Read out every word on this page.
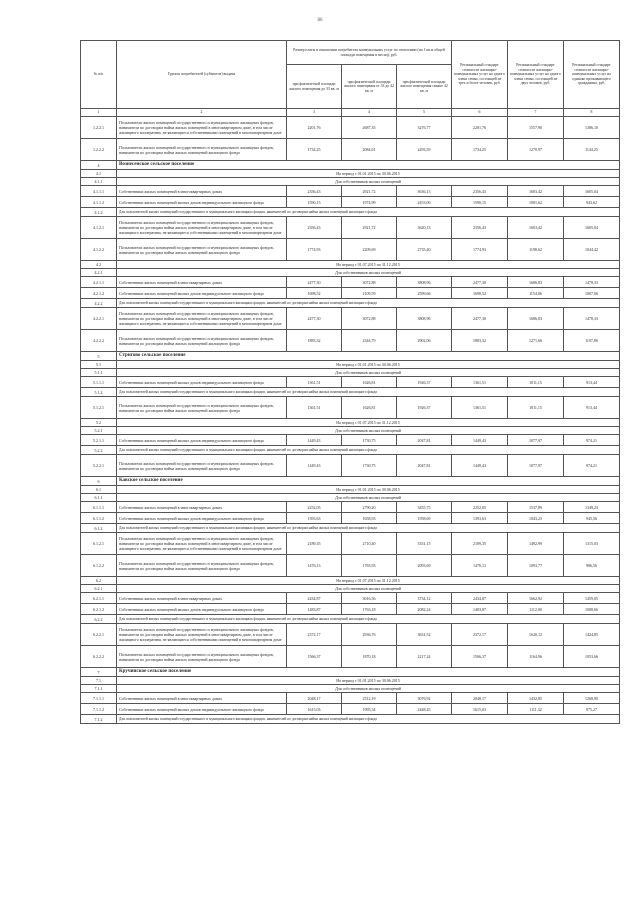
86
№ п/п	Группы потребителей (субъектов) выдачи	Размер платы в отношении потребителя коммунальных услуг по отоплению (на 1 кв.м общей площади помещения в месяц), руб.			Региональный стандарт стоимости жилищно-коммунальных услуг на одного члена семьи, состоящей из трех и более человек, руб.	Региональный стандарт стоимости жилищно-коммунальных услуг на одного члена семьи, состоящей из двух человек, руб.	Региональный стандарт стоимости жилищно-коммунальных услуг на одиноко проживающего гражданина, руб.
		при фактической площади жилого помещения до 33 кв. м	при фактической площади жилого помещения от 33 до 42 кв. м	при фактической площади жилого помещения свыше 42 кв. м			
1	2	3	4	5	6	7	8
1.2.2.1	Пользователи жилых помещений государственного и муниципального жилищных фондов, наниматели по договорам найма жилых помещений в многоквартирном доме, в том числе жилищного кооператива, не являющиеся собственниками помещений в многоквартирном доме	2201,76	2687,35	3276,77	2201,76	1557,90	1386,10
1.2.2.2	Пользователи жилых помещений государственного и муниципального жилищных фондов, наниматели по договорам найма жилых помещений жилищного фонда	1734,25	2084,61	2493,59	1734,25	1270,97	1144,25
4	Вознесенское сельское поселение						
4.1	На период с 01.01.2015 по 30.06.2015						
4.1.1	Для собственников жилых помещений						
4.1.1.1	Собственники жилых помещений в многоквартирных домах	2356,43	2921,72	3636,13	2356,43	1603,42	1605,04
4.1.1.2	Собственники жилых помещений жилых домов индивидуального жилищного фонда	1590,15	1974,99	2453,00	1590,15	1081,62	943,62
4.1.2	Для пользователей жилых помещений государственного и муниципального жилищных фондов, нанимателей по договорам найма жилых помещений жилищного фонда						
4.1.2.1	Пользователи жилых помещений государственного и муниципального жилищных фондов, наниматели по договорам найма жилых помещений в многоквартирном доме, в том числе жилищного кооператива, не являющиеся собственниками помещений в многоквартирном доме	2356,43	2921,72	3620,13	2356,43	1603,42	1605,04
4.1.2.2	Пользователи жилых помещений государственного и муниципального жилищных фондов, наниматели по договорам найма жилых помещений жилищного фонда	1774,93	2209,69	2735,40	1774,93	1198,62	1044,42
4.2	На период с 01.07.2015 по 31.12.2015						
4.2.1	Для собственников жилых помещений						
4.2.1.1	Собственники жилых помещений в многоквартирных домах	2477,30	3072,88	3808,96	2477,30	1686,83	1478,33
4.2.1.2	Собственники жилых помещений жилых домов индивидуального жилищного фонда	1698,52	2109,59	2599,66	1698,52	1154,06	1007,06
4.2.2	Для пользователей жилых помещений государственного и муниципального жилищных фондов, нанимателей по договорам найма жилых помещений жилищного фонда						
4.2.2.1	Пользователи жилых помещений государственного и муниципального жилищных фондов, наниматели по договорам найма жилых помещений в многоквартирном доме, в том числе жилищного кооператива, не являющиеся собственниками помещений в многоквартирном доме	2477,30	3072,88	3808,96	2477,30	1686,83	1478,33
4.2.2.2	Пользователи жилых помещений государственного и муниципального жилищных фондов, наниматели по договорам найма жилых помещений жилищного фонда	1883,32	2344,79	2902,06	1883,32	1271,66	1107,86
5	Стригово сельское поселение						
5.1	На период с 01.01.2015 по 30.06.2015						
5.1.1	Для собственников жилых помещений						
5.1.1.1	Собственники жилых помещений жилых домов индивидуального жилищного фонда	1361,51	1626,81	1926,37	1361,51	1011,15	913,44
5.1.2	Для пользователей жилых помещений государственного и муниципального жилищных фондов, нанимателей по договорам найма жилых помещений жилищного фонда						
5.1.2.1	Пользователи жилых помещений государственного и муниципального жилищных фондов, наниматели по договорам найма жилых помещений жилищного фонда	1361,51	1626,81	1926,37	1361,51	1011,15	913,44
5.2	На период с 01.07.2015 по 31.12.2015						
5.2.1	Для собственников жилых помещений						
5.2.1.1	Собственники жилых помещений жилых домов индивидуального жилищного фонда	1449,43	1730,75	2047,81	1449,43	1077,97	974,21
5.2.2	Для пользователей жилых помещений государственного и муниципального жилищных фондов, нанимателей по договорам найма жилых помещений жилищного фонда						
5.2.2.1	Пользователи жилых помещений государственного и муниципального жилищных фондов, наниматели по договорам найма жилых помещений жилищного фонда	1449,43	1730,75	2047,81	1449,43	1077,97	974,21
6	Кавское сельское поселение						
6.1	На период с 01.01.2015 по 30.06.2015						
6.1.1	Для собственников жилых помещений						
6.1.1.1	Собственники жилых помещений в многоквартирных домах	2252,05	2790,20	3455,75	2252,05	1537,89	1349,23
6.1.1.2	Собственники жилых помещений жилых домов индивидуального жилищного фонда	1393,63	1658,93	1958,69	1393,63	1043,23	945,56
6.1.2	Для пользователей жилых помещений государственного и муниципального жилищных фондов, нанимателей по договорам найма жилых помещений жилищного фонда						
6.1.2.1	Пользователи жилых помещений государственного и муниципального жилищных фондов, наниматели по договорам найма жилых помещений в многоквартирном доме, в том числе жилищного кооператива, не являющиеся собственниками помещений в многоквартирном доме	2189,35	2710,40	3351,15	2189,35	1492,99	1315,03
6.1.2.2	Пользователи жилых помещений государственного и муниципального жилищных фондов, наниматели по договорам найма жилых помещений жилищного фонда	1476,13	1765,93	2093,69	1476,13	1093,77	986,56
6.2	На период с 01.07.2015 по 31.12.2015						
6.2.1	Для собственников жилых помещений						
6.2.1.1	Собственники жилых помещений в многоквартирных домах	2434,87	3016,56	3734,12	2434,87	1662,92	1459,05
6.2.1.2	Собственники жилых помещений жилых домов индивидуального жилищного фонда	1483,87	1763,18	2082,24	1483,87	1112,00	1008,66
6.2.2	Для пользователей жилых помещений государственного и муниципального жилищных фондов, нанимателей по договорам найма жилых помещений жилищного фонда						
6.2.2.1	Пользователи жилых помещений государственного и муниципального жилищных фондов, наниматели по договорам найма жилых помещений в многоквартирном доме, в том числе жилищного кооператива, не являющиеся собственниками помещений в многоквартирном доме	2372,17	2936,76	3631,52	2372,17	1620,12	1424,85
6.2.2.2	Пользователи жилых помещений государственного и муниципального жилищных фондов, наниматели по договорам найма жилых помещений жилищного фонда	1566,37	1870,18	2217,24	1566,37	1164,96	1053,66
7	Кручинское сельское поселение						
7.1	На период с 01.01.2015 по 30.06.2015						
7.1.1	Для собственников жилых помещений						
7.1.1.1	Собственники жилых помещений в многоквартирных домах	2048,17	2512,19	3076,92	2048,17	1432,85	1268,90
7.1.1.2	Собственники жилых помещений жилых домов индивидуального жилищного фонда	1615,03	1995,34	2448,45	1615,03	1111,32	975,27
7.1.2	Для пользователей жилых помещений государственного и муниципального жилищных фондов, нанимателей по договорам найма жилых помещений жилищного фонда						
